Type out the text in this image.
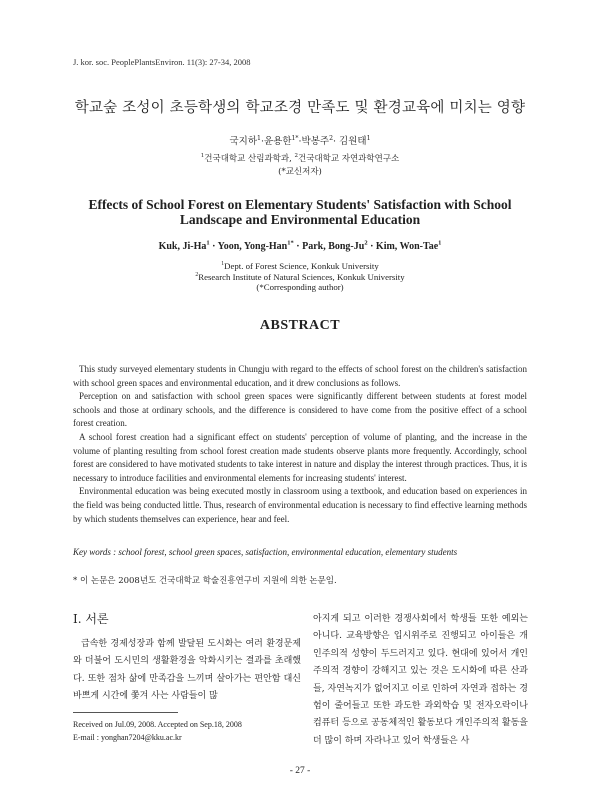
J. kor. soc. PeoplePlantsEnviron. 11(3): 27-34, 2008
학교숲 조성이 초등학생의 학교조경 만족도 및 환경교육에 미치는 영향
국지하$^1$·윤용한$^{1*}$·박봉주$^2$· 김원태$^1$
$^1$건국대학교 산림과학과, $^2$건국대학교 자연과학연구소
(*교신저자)
Effects of School Forest on Elementary Students' Satisfaction with School Landscape and Environmental Education
Kuk, $Ji-Ha^1$ · Yoon, Yong-Han$^{1*}$ · Park, Bong-$Ju^2$ · Kim, Won-Tae$^1$
$^1$Dept. of Forest Science, Konkuk University
$^2$Research Institute of Natural Sciences, Konkuk University
(*Corresponding author)
ABSTRACT

This study surveyed elementary students in Chungju with regard to the effects of school forest on the children's satisfaction with school green spaces and environmental education, and it drew conclusions as follows.

Perception on and satisfaction with school green spaces were significantly different between students at forest model schools and those at ordinary schools, and the difference is considered to have come from the positive effect of a school forest creation.

A school forest creation had a significant effect on students' perception of volume of planting, and the increase in the volume of planting resulting from school forest creation made students observe plants more frequently. Accordingly, school forest are considered to have motivated students to take interest in nature and display the interest through practices. Thus, it is necessary to introduce facilities and environmental elements for increasing students' interest.

Environmental education was being executed mostly in classroom using a textbook, and education based on experiences in the field was being conducted little. Thus, research of environmental education is necessary to find effective learning methods by which students themselves can experience, hear and feel.

Key words : school forest, school green spaces, satisfaction, environmental education, elementary students
* 이 논문은 2008년도 건국대학교 학술진흥연구비 지원에 의한 논문임.
Ⅰ. 서론

급속한 경제성장과 함께 발달된 도시화는 여러 환경문제와 더불어 도시민의 생활환경을 악화시키는 결과를 초래했다. 또한 점차 삶에 만족감을 느끼며 살아가는 편안함 대신 바쁘게 시간에 쫓겨 사는 사람들이 많

아지게 되고 이러한 경쟁사회에서 학생들 또한 예외는 아니다. 교육방향은 입시위주로 진행되고 아이들은 개인주의적 성향이 두드러지고 있다. 현대에 있어서 개인주의적 경향이 강해지고 있는 것은 도시화에 따른 산과 들, 자연녹지가 없어지고 이로 인하여 자연과 접하는 경험이 줄어들고 또한 과도한 과외학습 및 전자오락이나 컴퓨터 등으로 공동체적인 활동보다 개인주의적 활동을 더 많이 하며 자라나고 있어 학생들은 사

Received on Jul.09, 2008. Accepted on Sep.18, 2008
E-mail : yonghan7204@kku.ac.kr
- 27 -
